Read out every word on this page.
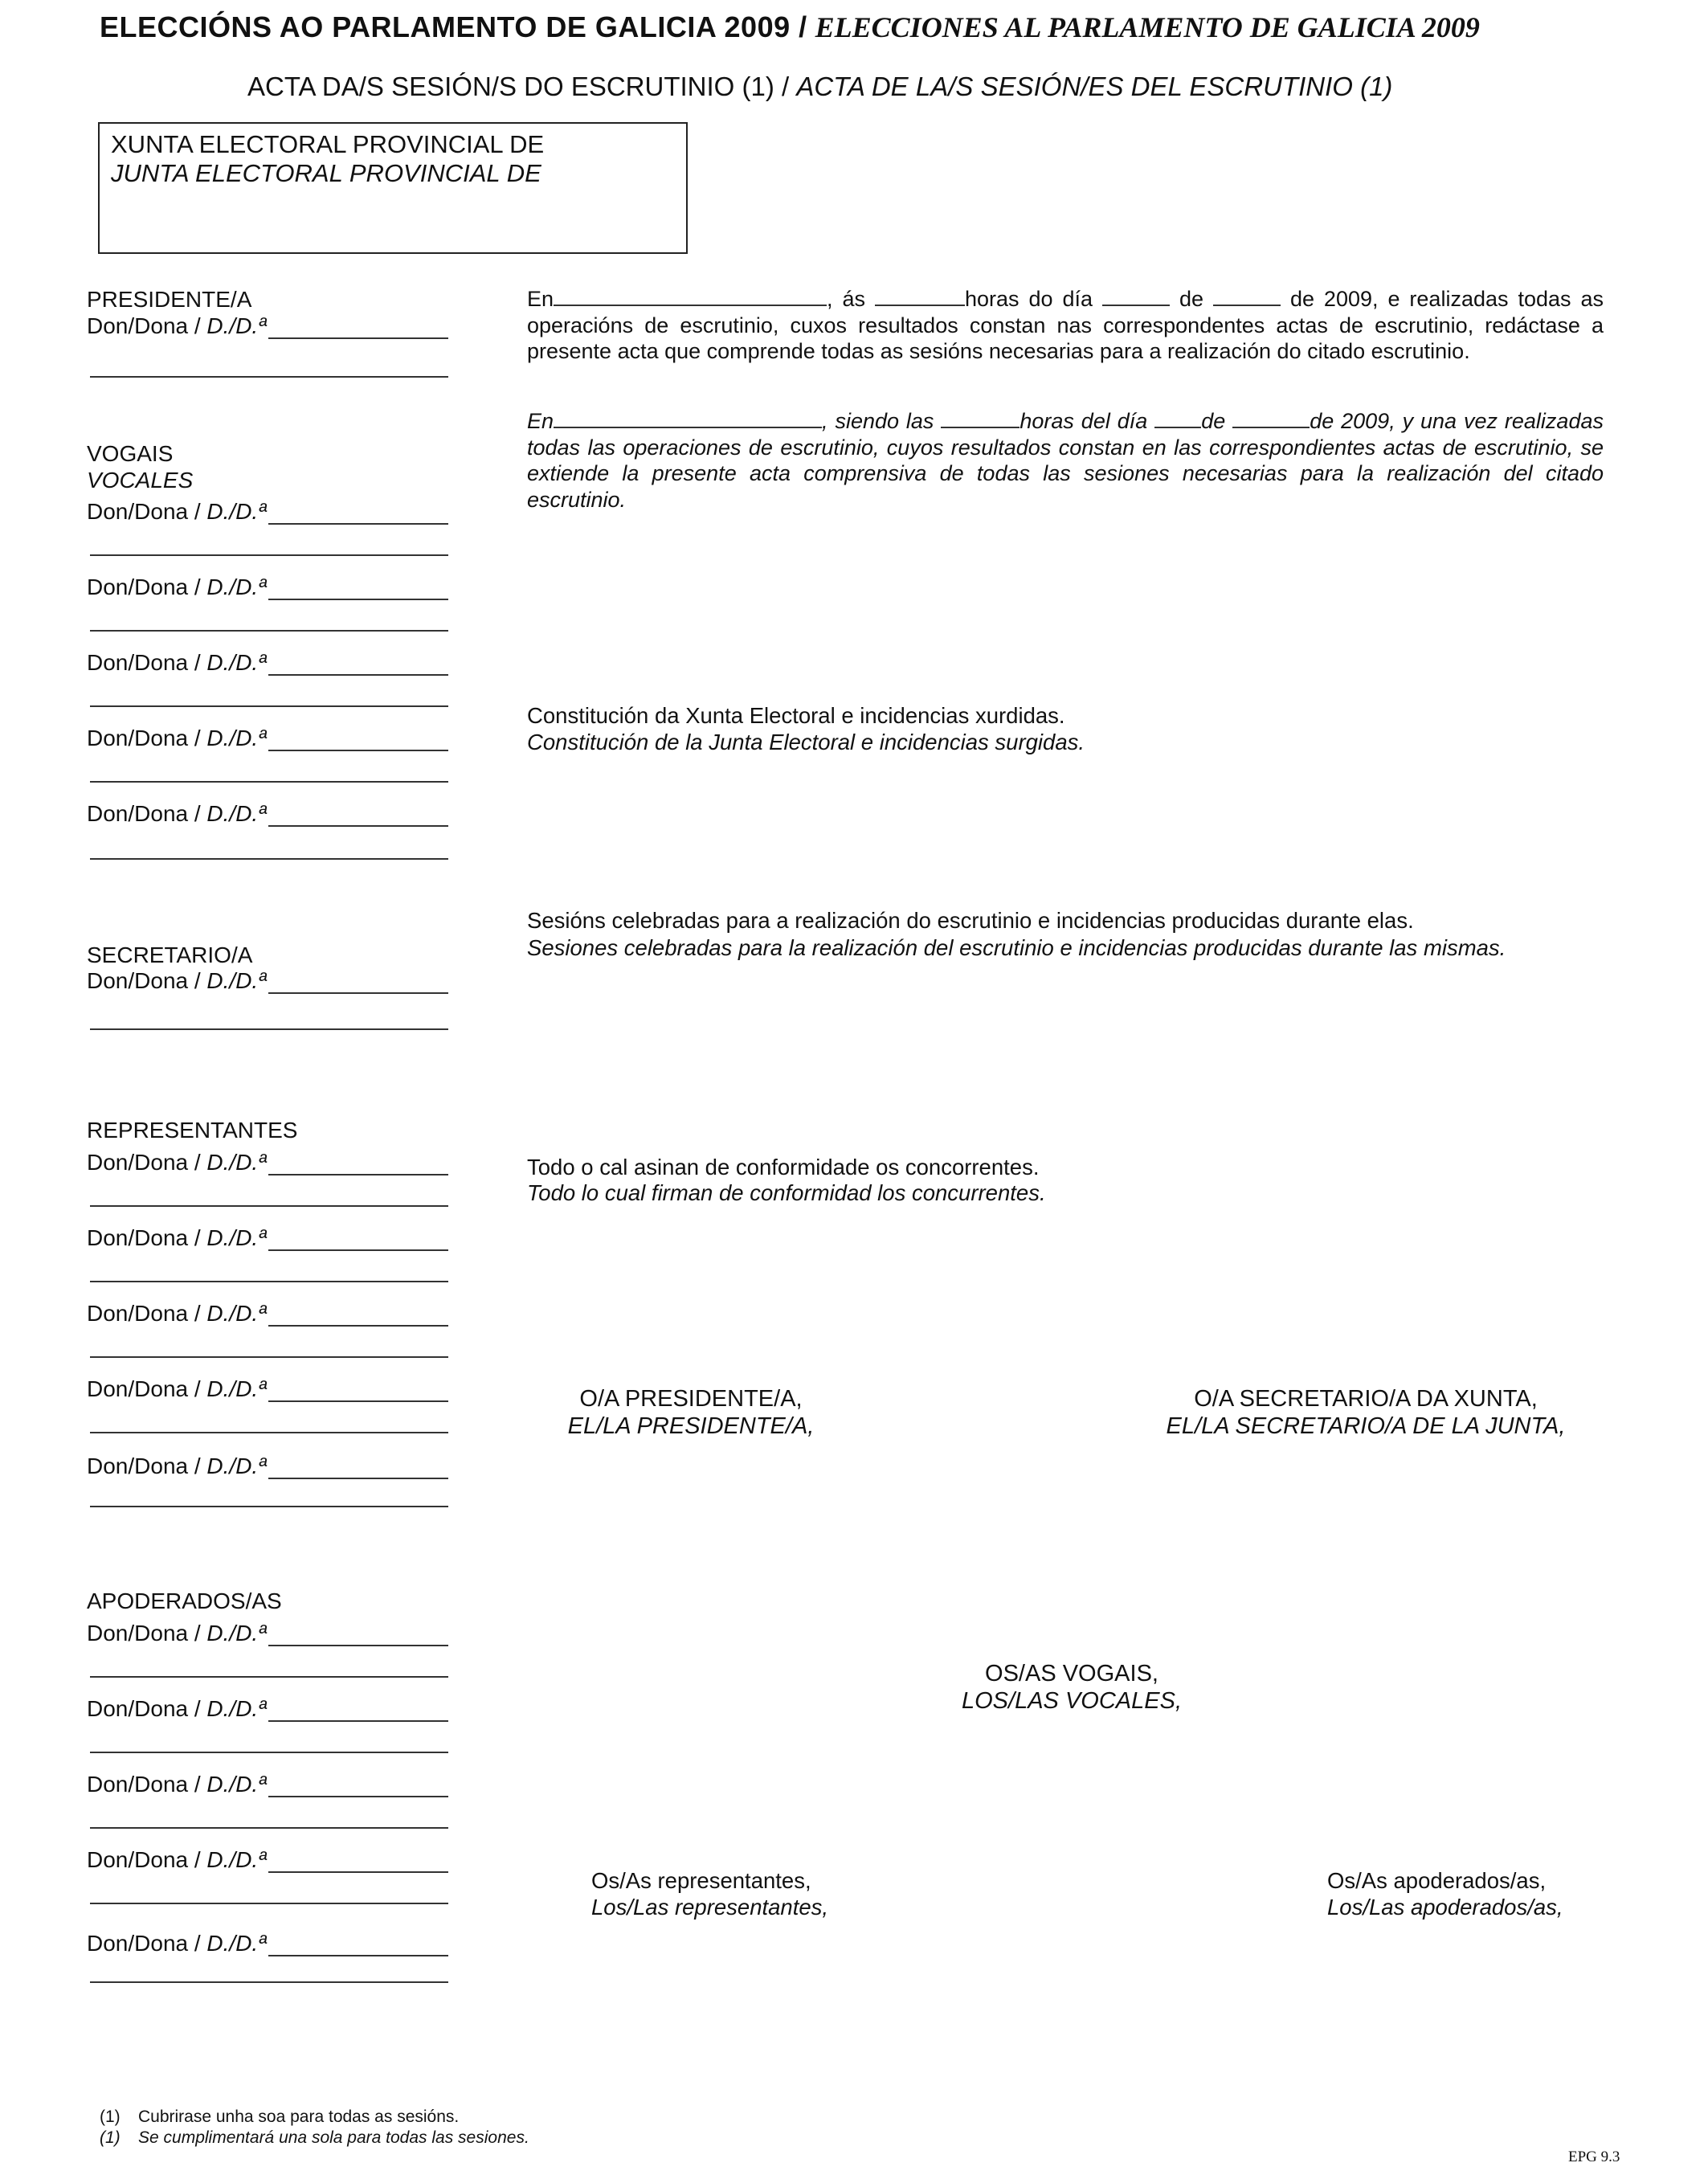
ELECCIÓNS AO PARLAMENTO DE GALICIA 2009 / ELECCIONES AL PARLAMENTO DE GALICIA 2009
ACTA DA/S SESIÓN/S DO ESCRUTINIO (1) / ACTA DE LA/S SESIÓN/ES DEL ESCRUTINIO (1)
XUNTA ELECTORAL PROVINCIAL DE
JUNTA ELECTORAL PROVINCIAL DE
PRESIDENTE/A
Don/Dona /
D./D.ª
VOGAIS
VOCALES
Don/Dona /
D./D.ª
Don/Dona /
D./D.ª
Don/Dona /
D./D.ª
Don/Dona /
D./D.ª
Don/Dona /
D./D.ª
SECRETARIO/A
Don/Dona /
D./D.ª
REPRESENTANTES
Don/Dona /
D./D.ª
Don/Dona /
D./D.ª
Don/Dona /
D./D.ª
Don/Dona /
D./D.ª
Don/Dona /
D./D.ª
APODERADOS/AS
Don/Dona /
D./D.ª
Don/Dona /
D./D.ª
Don/Dona /
D./D.ª
Don/Dona /
D./D.ª
Don/Dona /
D./D.ª
En	, ás	horas do día	de	de 2009, e realizadas todas as operacións de escrutinio, cuxos resultados constan nas correspondentes actas de escrutinio, redáctase a presente acta que comprende todas as sesións necesarias para a realización do citado escrutinio.
En	, siendo las	horas del día de	de 2009, y una vez realizadas todas las operaciones de escrutinio, cuyos resultados constan en las correspondientes actas de escrutinio, se extiende la presente acta comprensiva de todas las sesiones necesarias para la realización del citado escrutinio.
Constitución da Xunta Electoral e incidencias xurdidas.
Constitución de la Junta Electoral e incidencias surgidas.
Sesións celebradas para a realización do escrutinio e incidencias producidas durante elas.
Sesiones celebradas para la realización del escrutinio e incidencias producidas durante las mismas.
Todo o cal asinan de conformidade os concorrentes.
Todo lo cual firman de conformidad los concurrentes.
O/A PRESIDENTE/A,
EL/LA PRESIDENTE/A,
O/A SECRETARIO/A DA XUNTA,
EL/LA SECRETARIO/A DE LA JUNTA,
OS/AS VOGAIS,
LOS/LAS VOCALES,
Os/As representantes,
Los/Las representantes,
Os/As apoderados/as,
Los/Las apoderados/as,
(1) Cubrirase unha soa para todas as sesións.
(1) Se cumplimentará una sola para todas las sesiones.
EPG 9.3
